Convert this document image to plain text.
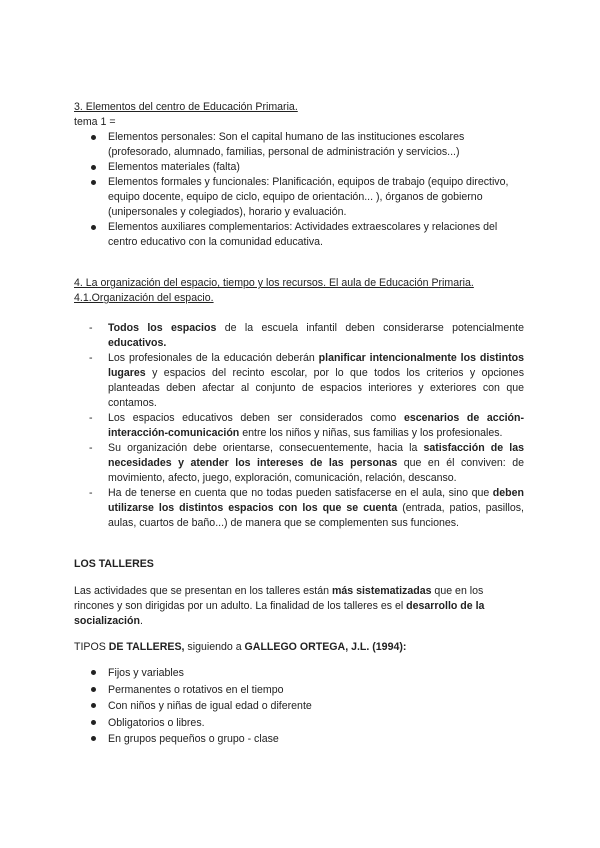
3. Elementos del centro de Educación Primaria.
tema 1 =
Elementos personales: Son el capital humano de las instituciones escolares (profesorado, alumnado, familias, personal de administración y servicios...)
Elementos materiales (falta)
Elementos formales y funcionales: Planificación, equipos de trabajo (equipo directivo, equipo docente, equipo de ciclo, equipo de orientación... ), órganos de gobierno (unipersonales y colegiados), horario y evaluación.
Elementos auxiliares complementarios: Actividades extraescolares y relaciones del centro educativo con la comunidad educativa.
4. La organización del espacio, tiempo y los recursos. El aula de Educación Primaria.
4.1.Organización del espacio.
- Todos los espacios de la escuela infantil deben considerarse potencialmente educativos.
- Los profesionales de la educación deberán planificar intencionalmente los distintos lugares y espacios del recinto escolar, por lo que todos los criterios y opciones planteadas deben afectar al conjunto de espacios interiores y exteriores con que contamos.
- Los espacios educativos deben ser considerados como escenarios de acción-interacción-comunicación entre los niños y niñas, sus familias y los profesionales.
- Su organización debe orientarse, consecuentemente, hacia la satisfacción de las necesidades y atender los intereses de las personas que en él conviven: de movimiento, afecto, juego, exploración, comunicación, relación, descanso.
- Ha de tenerse en cuenta que no todas pueden satisfacerse en el aula, sino que deben utilizarse los distintos espacios con los que se cuenta (entrada, patios, pasillos, aulas, cuartos de baño...) de manera que se complementen sus funciones.
LOS TALLERES
Las actividades que se presentan en los talleres están más sistematizadas que en los rincones y son dirigidas por un adulto. La finalidad de los talleres es el desarrollo de la socialización.
TIPOS DE TALLERES, siguiendo a GALLEGO ORTEGA, J.L. (1994):
Fijos y variables
Permanentes o rotativos en el tiempo
Con niños y niñas de igual edad o diferente
Obligatorios o libres.
En grupos pequeños o grupo - clase
